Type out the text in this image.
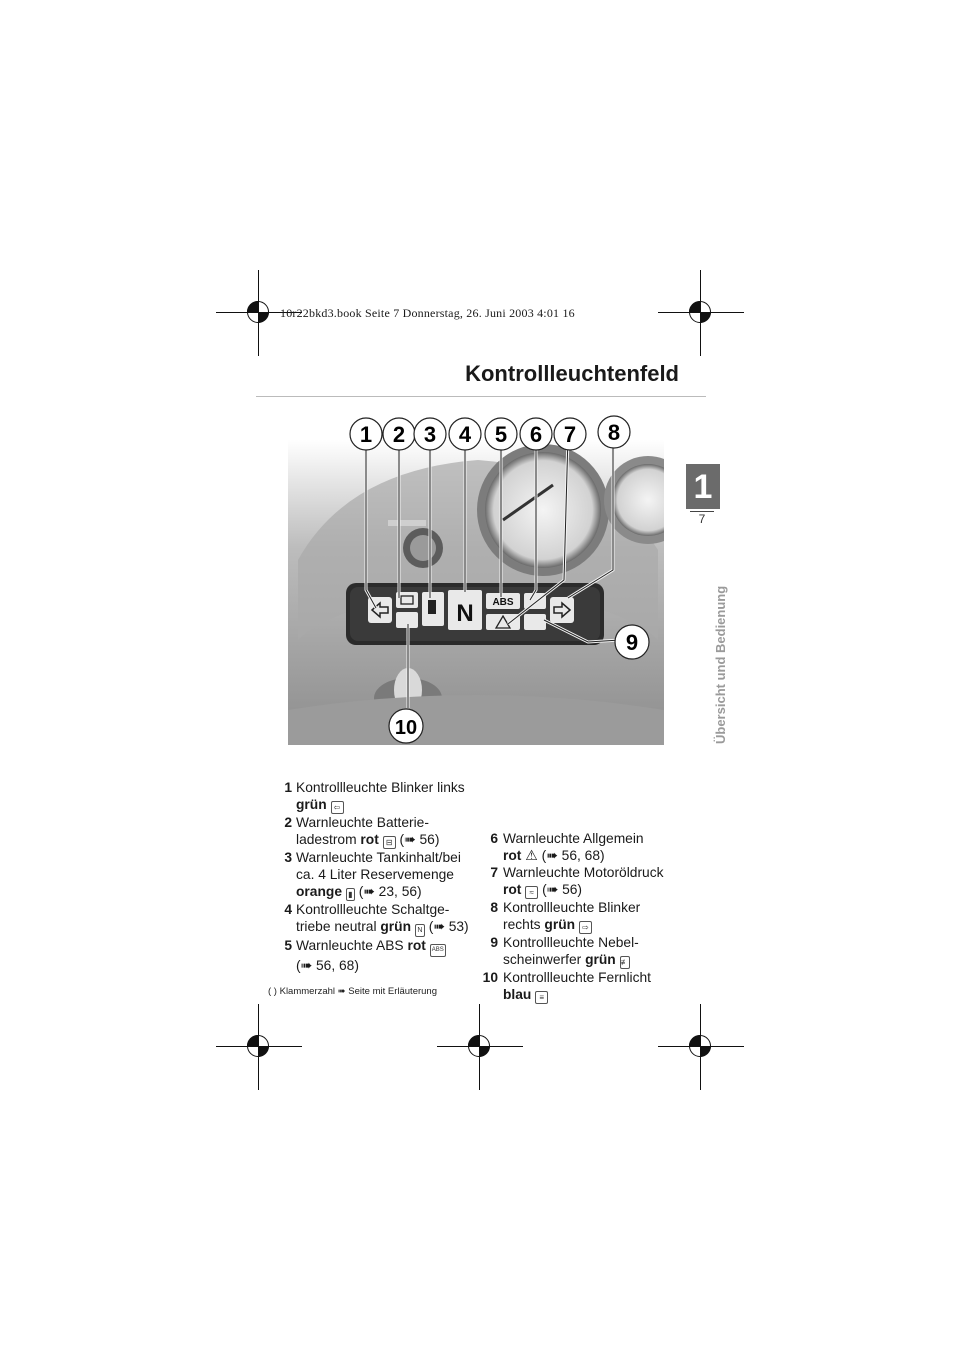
10r22bkd3.book Seite 7 Donnerstag, 26. Juni 2003 4:01 16
Kontrollleuchtenfeld
1
7
Übersicht und Bedienung
N ABS
1 2 3 4 5 6 7 8
9
10
1 Kontrollleuchte Blinker links
grün ⇦
2 Warnleuchte Batterie-
ladestrom rot ⊟ (➠ 56)
3 Warnleuchte Tankinhalt/bei
ca. 4 Liter Reservemenge
orange ▮ (➠ 23, 56)
4 Kontrollleuchte Schaltge-
triebe neutral grün N (➠ 53)
5 Warnleuchte ABS rot ABS
(➠ 56, 68)
( ) Klammerzahl ➠ Seite mit Erläuterung
6 Warnleuchte Allgemein
rot ⚠ (➠ 56, 68)
7 Warnleuchte Motoröldruck
rot ≈ (➠ 56)
8 Kontrollleuchte Blinker
rechts grün ⇨
9 Kontrollleuchte Nebel-
scheinwerfer grün ≢
10 Kontrollleuchte Fernlicht
blau ≡
